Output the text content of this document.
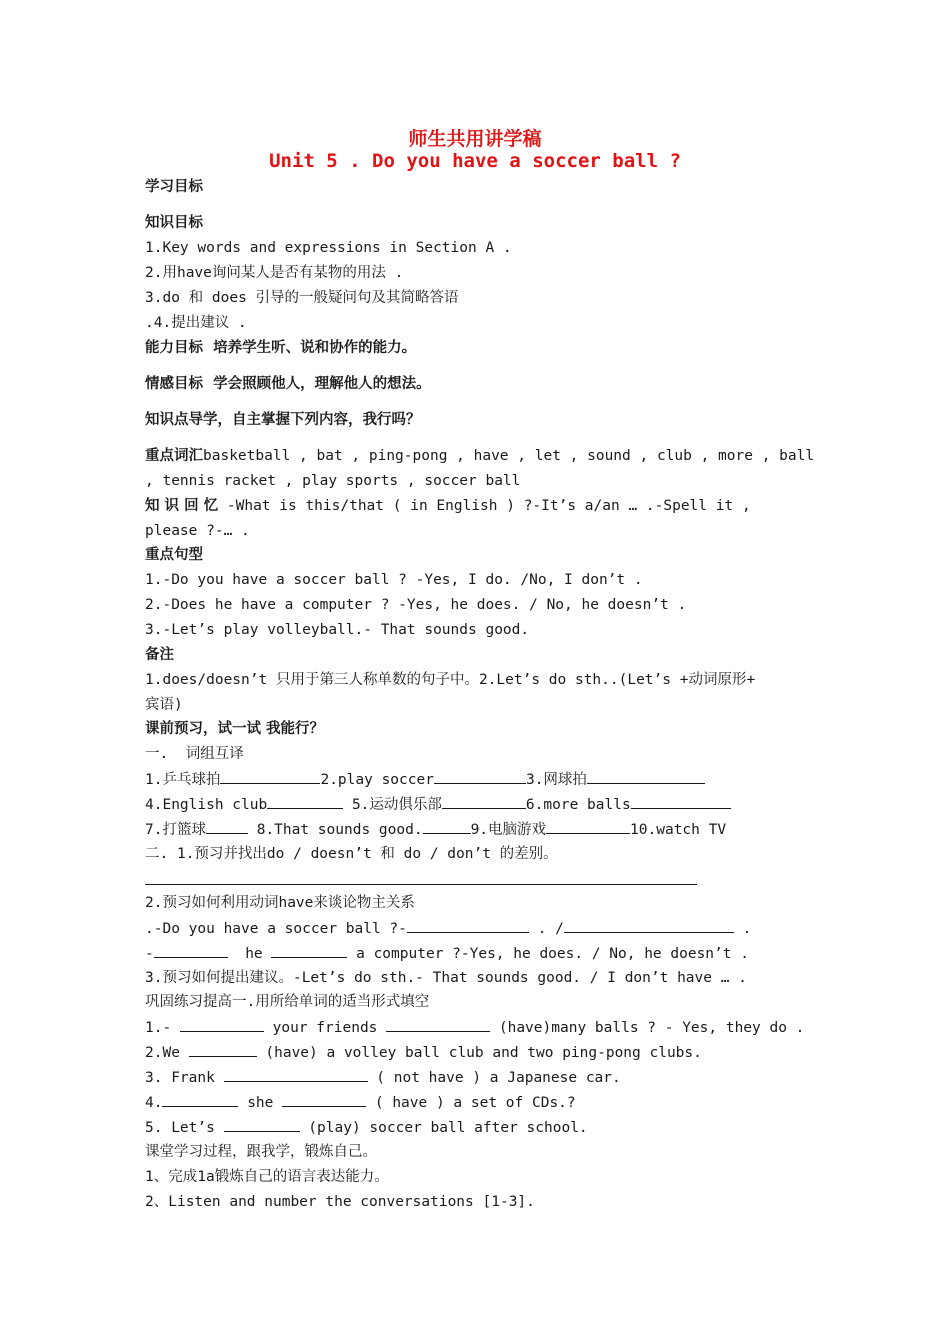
师生共用讲学稿
Unit 5 . Do you have a soccer ball ?
学习目标
知识目标
1.Key words and expressions in Section A .
2.用have询问某人是否有某物的用法 .
3.do 和 does 引导的一般疑问句及其简略答语
.4.提出建议 .
能力目标  培养学生听、说和协作的能力。
情感目标  学会照顾他人，理解他人的想法。
知识点导学，自主掌握下列内容，我行吗？
重点词汇basketball , bat , ping-pong , have , let , sound , club , more , ball
, tennis racket , play sports , soccer ball
知 识 回 忆 -What is this/that ( in English ) ?-It’s a/an … .-Spell it ,
please ?-… .
重点句型
1.-Do you have a soccer ball ? -Yes, I do. /No, I don’t .
2.-Does he have a computer ? -Yes, he does. / No, he doesn’t .
3.-Let’s play volleyball.- That sounds good.
备注
1.does/doesn’t 只用于第三人称单数的句子中。2.Let’s do sth..(Let’s +动词原形+
宾语)
课前预习，试一试 我能行？
一.  词组互译
1.乒乓球拍	2.play soccer	3.网球拍
4.English club	5.运动俱乐部	6.more balls
7.打篮球	8.That sounds good.	9.电脑游戏	10.watch TV
二. 1.预习并找出do / doesn’t 和 do / don’t 的差别。
2.预习如何利用动词have来谈论物主关系
.-Do you have a soccer ball ?-	. /	.
-	he	a computer ?-Yes, he does. / No, he doesn’t .
3.预习如何提出建议。-Let’s do sth.- That sounds good. / I don’t have … .
巩固练习提高一.用所给单词的适当形式填空
1.-	your friends	(have)many balls ? - Yes, they do .
2.We	(have) a volley ball club and two ping-pong clubs.
3. Frank	( not have ) a Japanese car.
4.	she	( have ) a set of CDs.?
5. Let’s	(play) soccer ball after school.
课堂学习过程，跟我学，锻炼自己。
1、完成1a锻炼自己的语言表达能力。
2、Listen and number the conversations [1-3].
